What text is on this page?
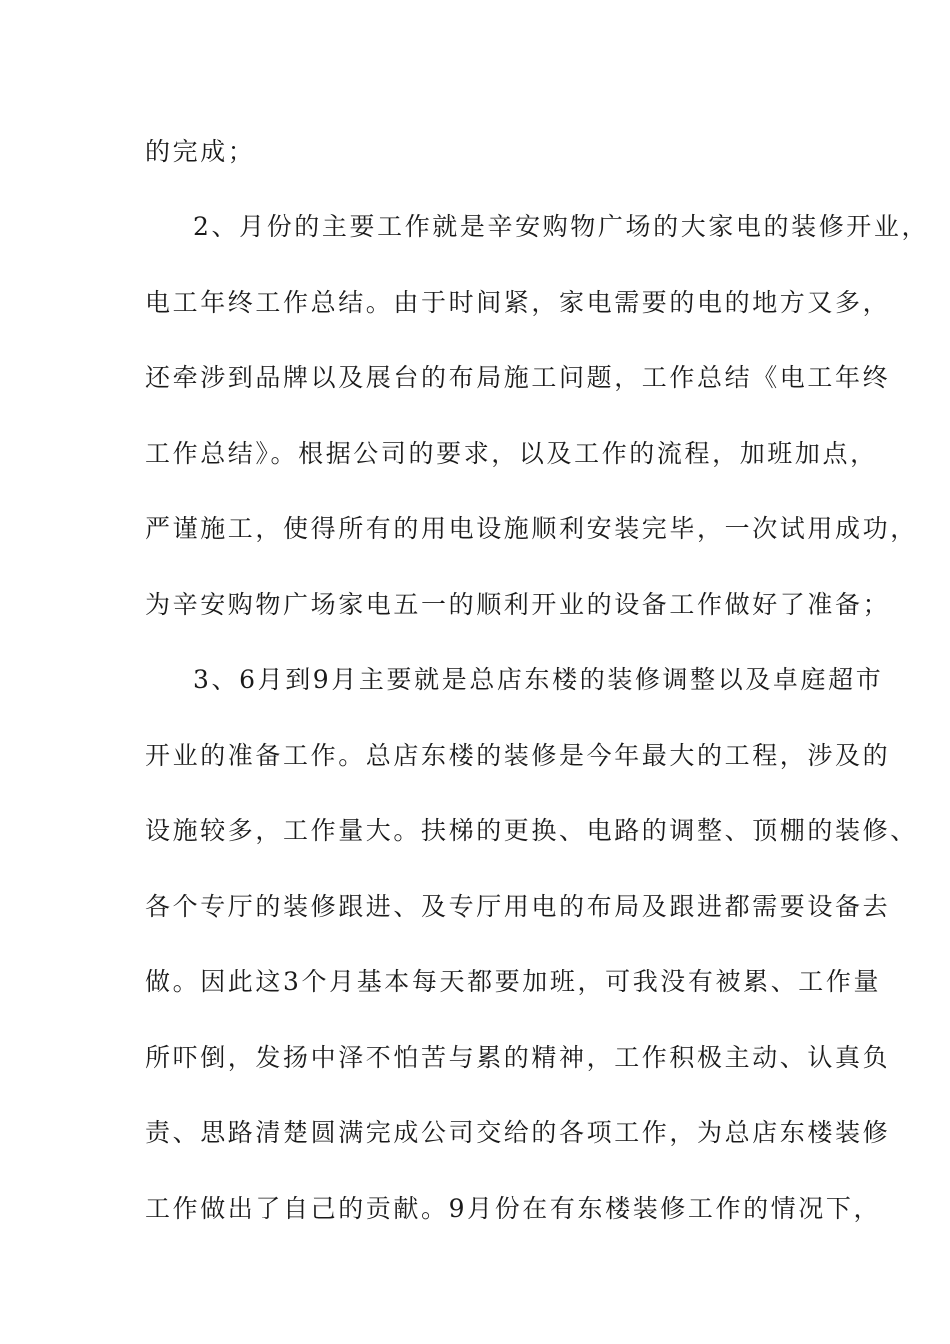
的完成；

2、月份的主要工作就是辛安购物广场的大家电的装修开业，

电工年终工作总结。由于时间紧，家电需要的电的地方又多，

还牵涉到品牌以及展台的布局施工问题，工作总结《电工年终

工作总结》。根据公司的要求，以及工作的流程，加班加点，

严谨施工，使得所有的用电设施顺利安装完毕，一次试用成功，

为辛安购物广场家电五一的顺利开业的设备工作做好了准备；

3、6月到9月主要就是总店东楼的装修调整以及卓庭超市

开业的准备工作。总店东楼的装修是今年最大的工程，涉及的

设施较多，工作量大。扶梯的更换、电路的调整、顶棚的装修、

各个专厅的装修跟进、及专厅用电的布局及跟进都需要设备去

做。因此这3个月基本每天都要加班，可我没有被累、工作量

所吓倒，发扬中泽不怕苦与累的精神，工作积极主动、认真负

责、思路清楚圆满完成公司交给的各项工作，为总店东楼装修

工作做出了自己的贡献。9月份在有东楼装修工作的情况下，
